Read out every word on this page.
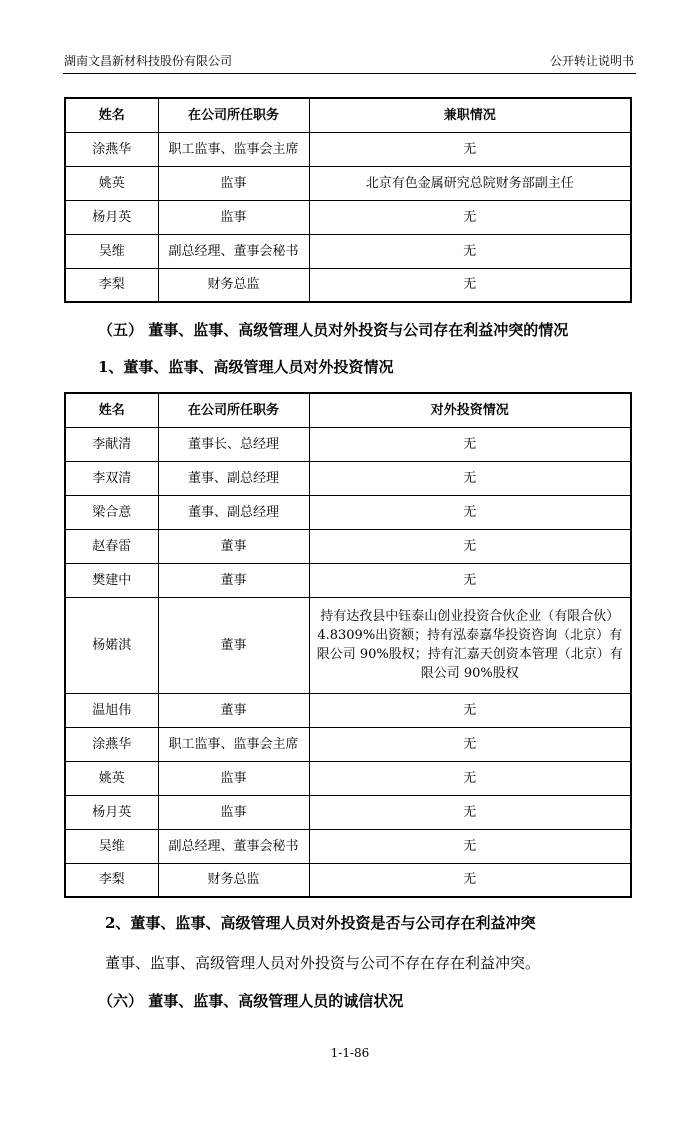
湖南文昌新材科技股份有限公司	公开转让说明书
姓名	在公司所任职务	兼职情况
涂燕华	职工监事、监事会主席	无
姚英	监事	北京有色金属研究总院财务部副主任
杨月英	监事	无
吴维	副总经理、董事会秘书	无
李梨	财务总监	无
（五） 董事、监事、高级管理人员对外投资与公司存在利益冲突的情况
1、董事、监事、高级管理人员对外投资情况
姓名	在公司所任职务	对外投资情况
李献清	董事长、总经理	无
李双清	董事、副总经理	无
梁合意	董事、副总经理	无
赵春雷	董事	无
樊建中	董事	无
杨婼淇	董事	持有达孜县中钰泰山创业投资合伙企业（有限合伙）4.8309%出资额；持有泓泰嘉华投资咨询（北京）有限公司 90%股权；持有汇嘉天创资本管理（北京）有限公司 90%股权
温旭伟	董事	无
涂燕华	职工监事、监事会主席	无
姚英	监事	无
杨月英	监事	无
吴维	副总经理、董事会秘书	无
李梨	财务总监	无
2、董事、监事、高级管理人员对外投资是否与公司存在利益冲突
董事、监事、高级管理人员对外投资与公司不存在存在利益冲突。
（六） 董事、监事、高级管理人员的诚信状况
1-1-86
